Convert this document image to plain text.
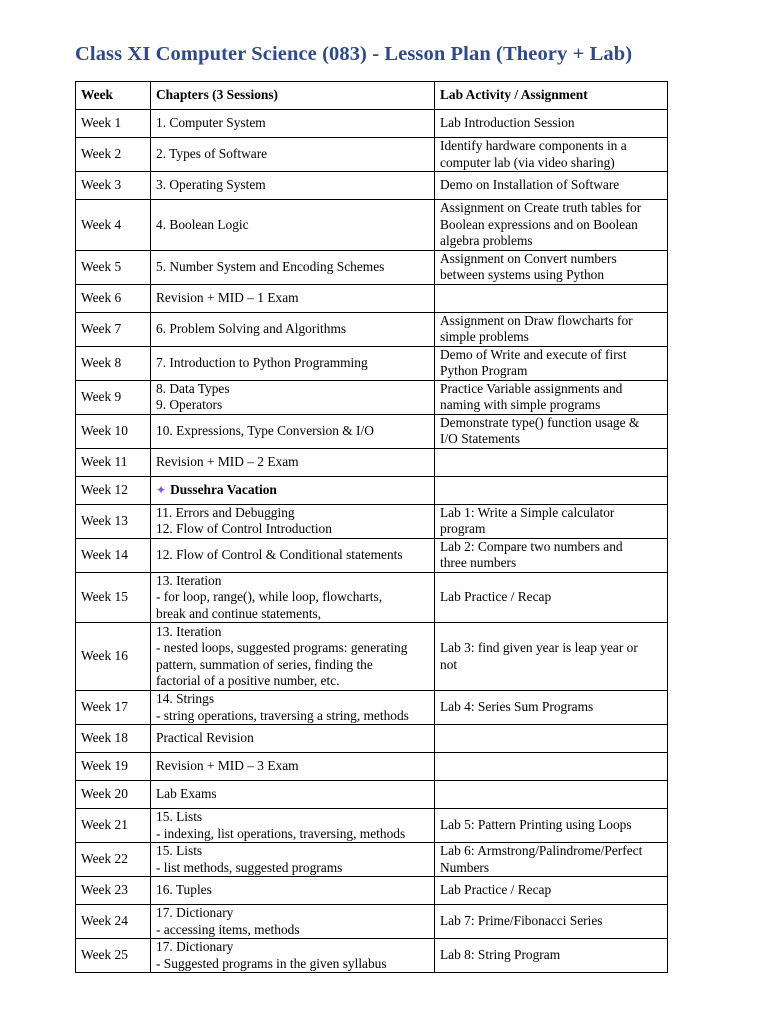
Class XI Computer Science (083) - Lesson Plan (Theory + Lab)
Week	Chapters (3 Sessions)	Lab Activity / Assignment
Week 1	1. Computer System	Lab Introduction Session
Week 2	2. Types of Software	Identify hardware components in a
computer lab (via video sharing)
Week 3	3. Operating System	Demo on Installation of Software
Week 4	4. Boolean Logic	Assignment on Create truth tables for
Boolean expressions and on Boolean
algebra problems
Week 5	5. Number System and Encoding Schemes	Assignment on Convert numbers
between systems using Python
Week 6	Revision + MID – 1 Exam	
Week 7	6. Problem Solving and Algorithms	Assignment on Draw flowcharts for
simple problems
Week 8	7. Introduction to Python Programming	Demo of Write and execute of first
Python Program
Week 9	8. Data Types
9. Operators	Practice Variable assignments and
naming with simple programs
Week 10	10. Expressions, Type Conversion & I/O	Demonstrate type() function usage &
I/O Statements
Week 11	Revision + MID – 2 Exam	
Week 12	✦ Dussehra Vacation	
Week 13	11. Errors and Debugging
12. Flow of Control Introduction	Lab 1: Write a Simple calculator
program
Week 14	12. Flow of Control & Conditional statements	Lab 2: Compare two numbers and
three numbers
Week 15	13. Iteration
- for loop, range(), while loop, flowcharts,
break and continue statements,	Lab Practice / Recap
Week 16	13. Iteration
- nested loops, suggested programs: generating
pattern, summation of series, finding the
factorial of a positive number, etc.	Lab 3: find given year is leap year or
not
Week 17	14. Strings
- string operations, traversing a string, methods	Lab 4: Series Sum Programs
Week 18	Practical Revision	
Week 19	Revision + MID – 3 Exam	
Week 20	Lab Exams	
Week 21	15. Lists
- indexing, list operations, traversing, methods	Lab 5: Pattern Printing using Loops
Week 22	15. Lists
- list methods, suggested programs	Lab 6: Armstrong/Palindrome/Perfect
Numbers
Week 23	16. Tuples	Lab Practice / Recap
Week 24	17. Dictionary
- accessing items, methods	Lab 7: Prime/Fibonacci Series
Week 25	17. Dictionary
- Suggested programs in the given syllabus	Lab 8: String Program
